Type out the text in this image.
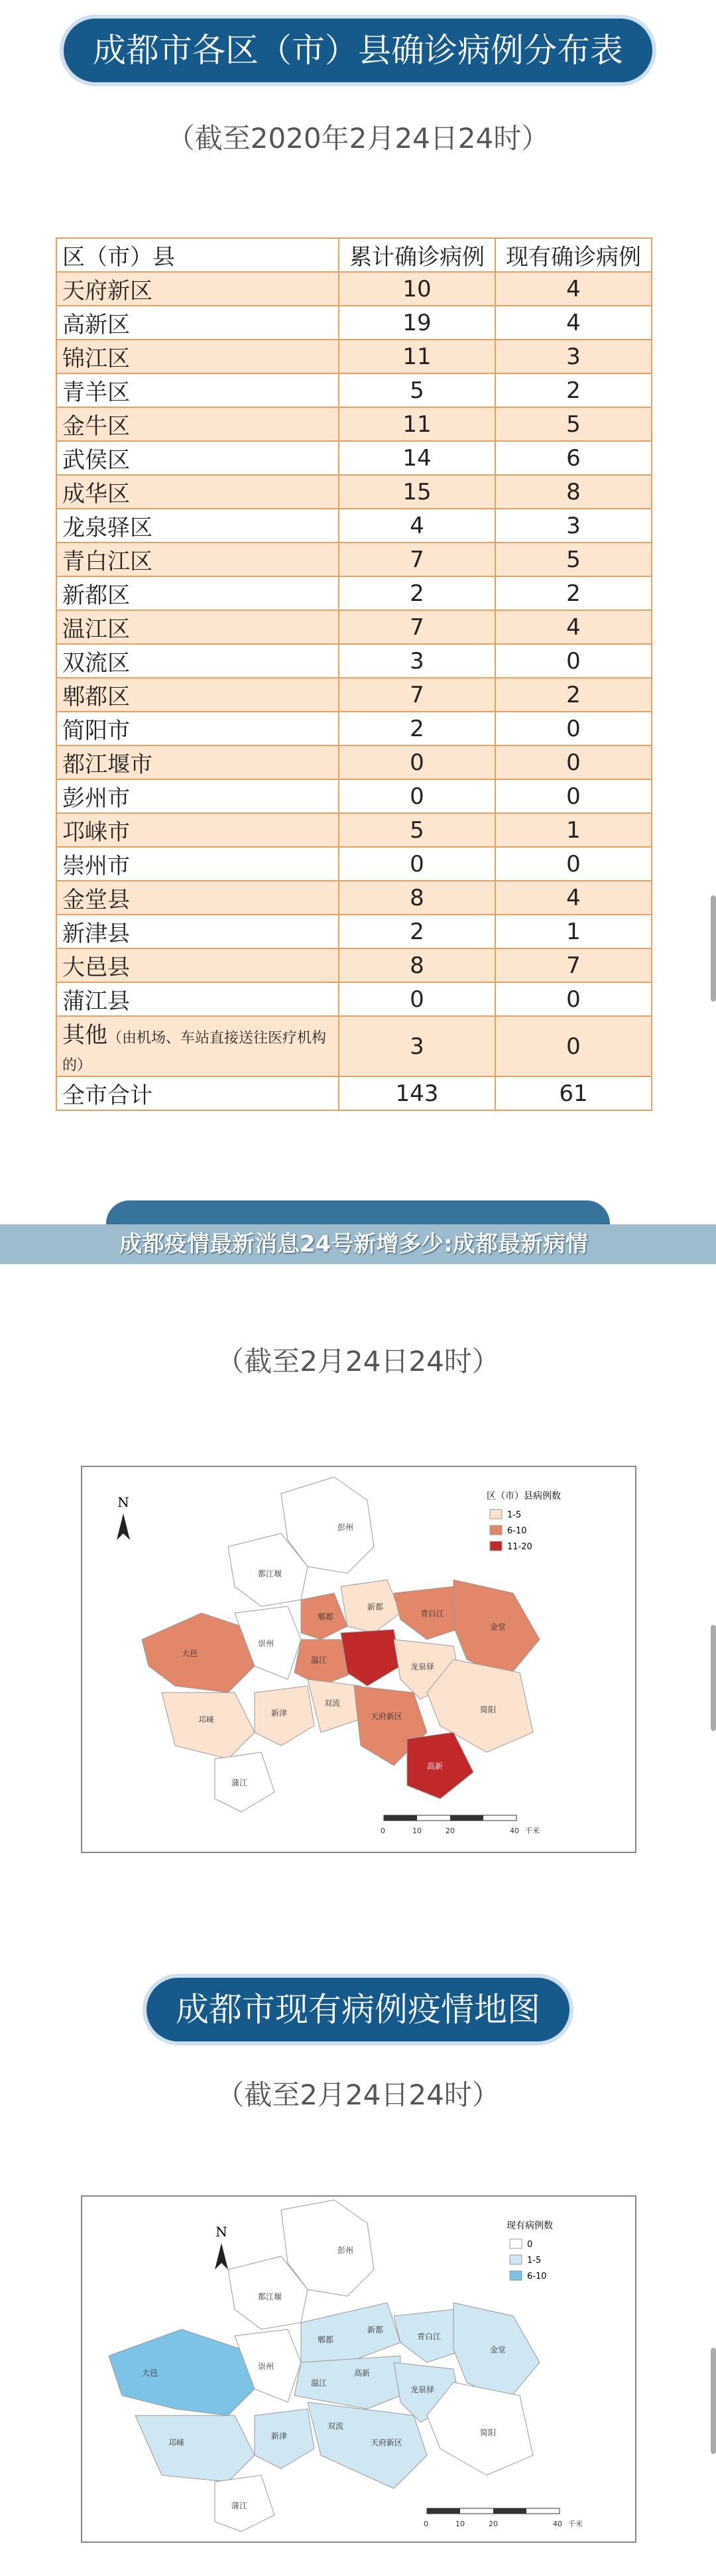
成都市各区（市）县确诊病例分布表
（截至2020年2月24日24时）
区（市）县	累计确诊病例	现有确诊病例
天府新区	10	4
高新区	19	4
锦江区	11	3
青羊区	5	2
金牛区	11	5
武侯区	14	6
成华区	15	8
龙泉驿区	4	3
青白江区	7	5
新都区	2	2
温江区	7	4
双流区	3	0
郫都区	7	2
简阳市	2	0
都江堰市	0	0
彭州市	0	0
邛崃市	5	1
崇州市	0	0
金堂县	8	4
新津县	2	1
大邑县	8	7
蒲江县	0	0
其他（由机场、车站直接送往医疗机构的）	3	0
全市合计	143	61
成都疫情最新消息24号新增多少:成都最新病情
（截至2月24日24时）
N
彭州
都江堰
郫都
新都
青白江
金堂
大邑
崇州
温江
龙泉驿
邛崃
新津
双流
天府新区
简阳
蒲江
高新
区（市）县病例数
1-5
6-10
11-20
0	10	20	40 千米
成都市现有病例疫情地图
（截至2月24日24时）
N
彭州
都江堰
郫都
新都
青白江
金堂
大邑
崇州
温江
龙泉驿
邛崃
新津
双流
天府新区
简阳
蒲江
高新
现有病例数
0
1-5
6-10
0	10	20	40 千米
